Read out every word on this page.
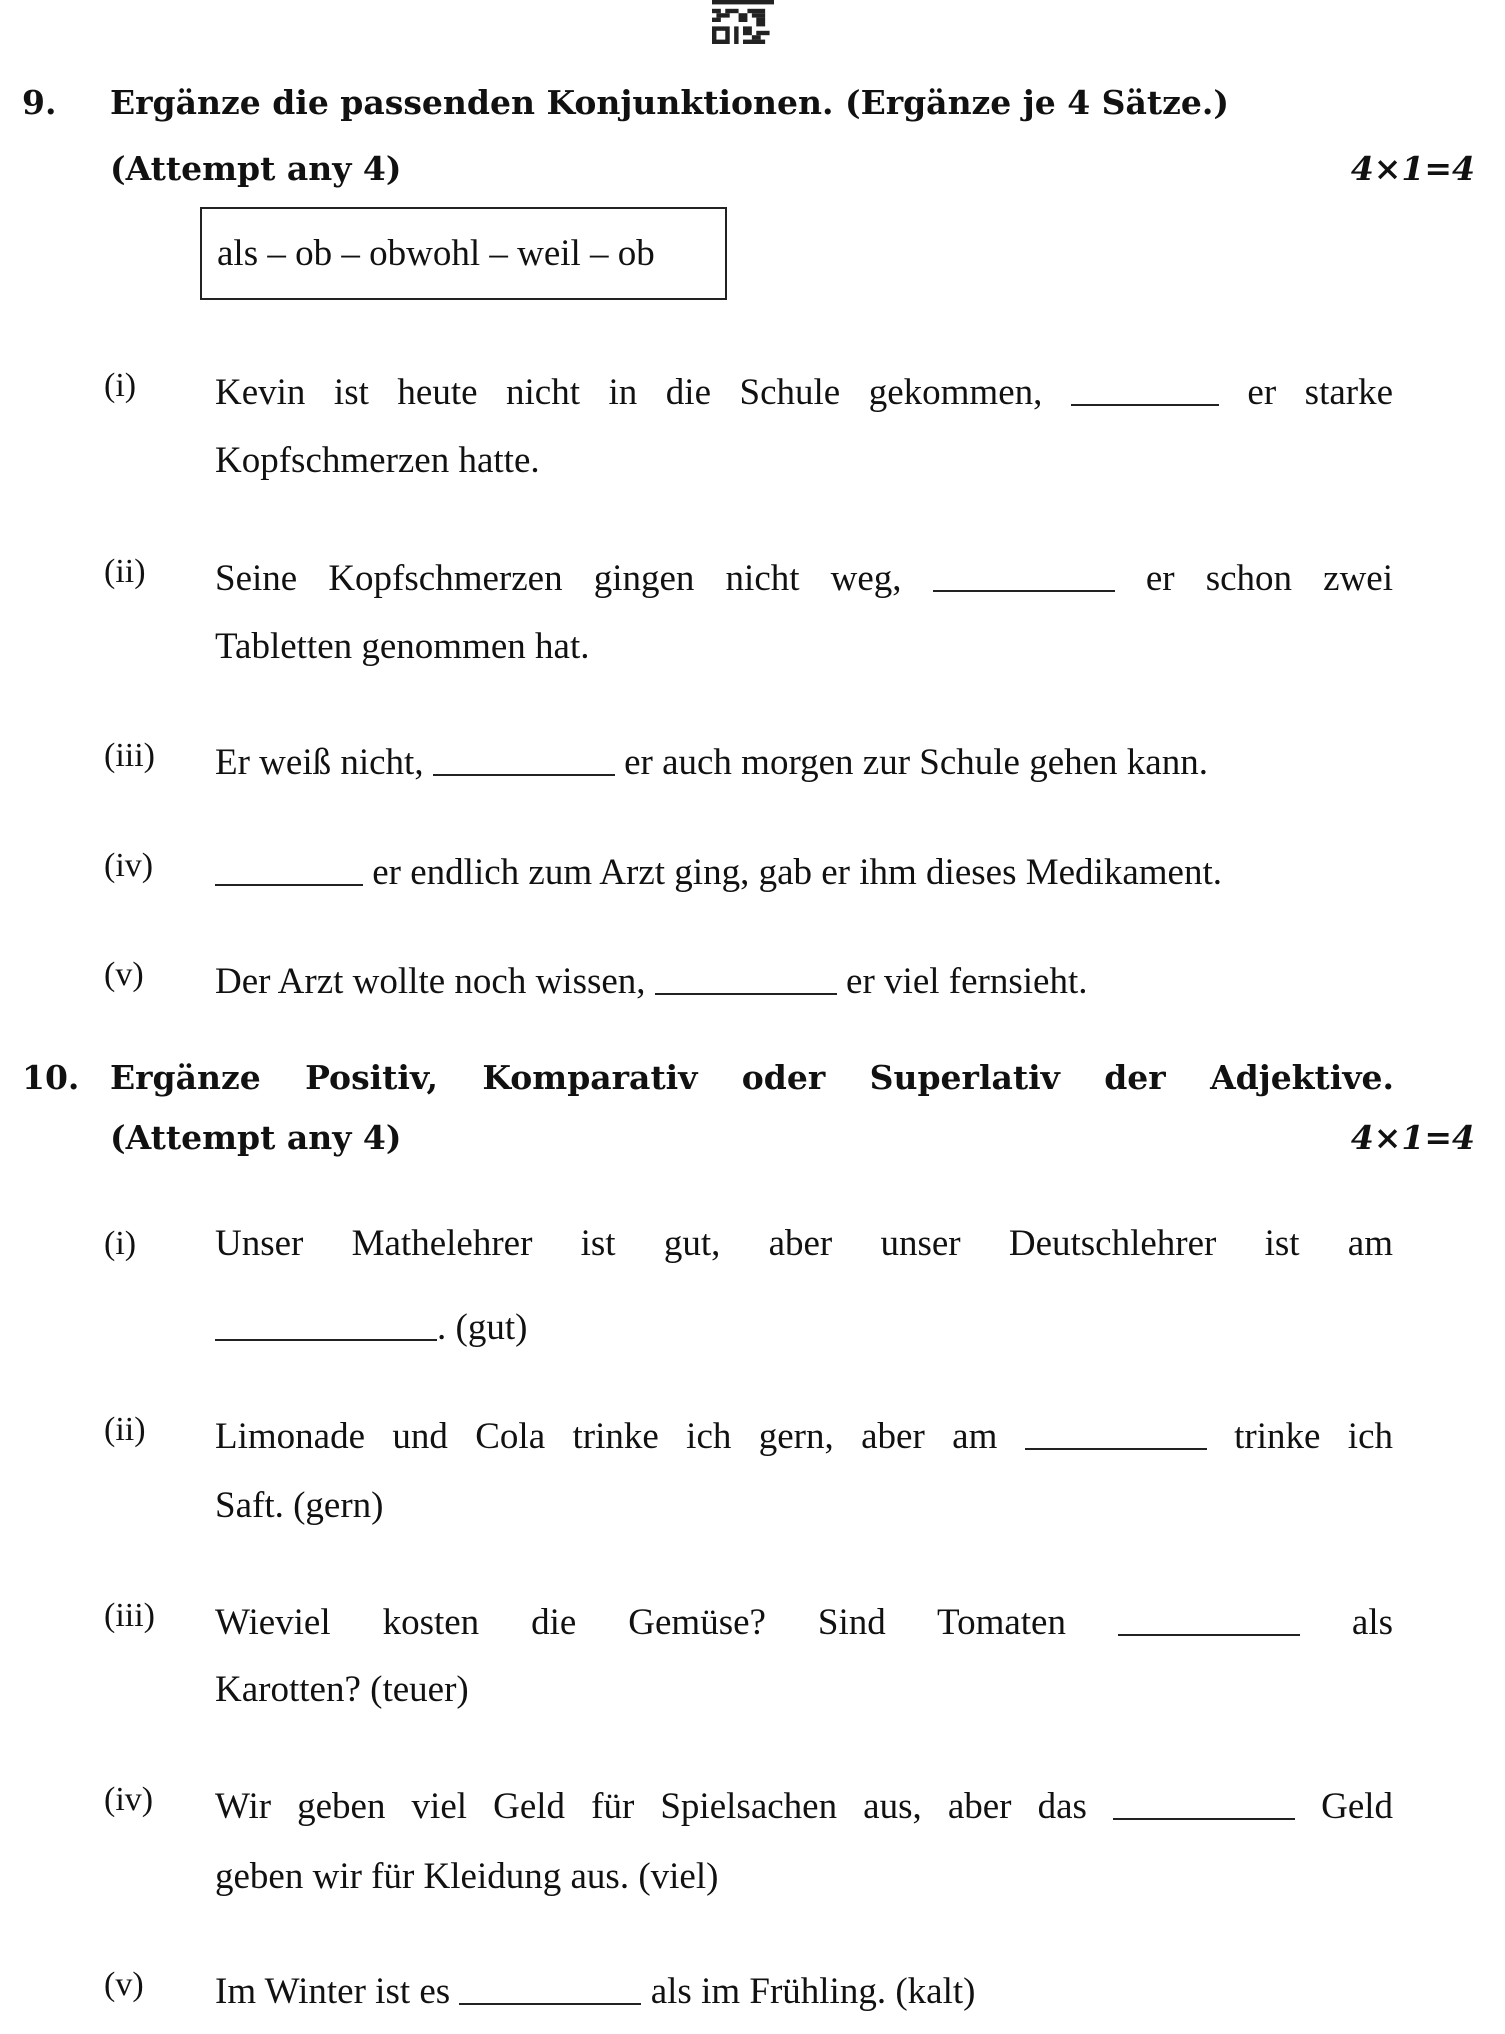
9. Ergänze die passenden Konjunktionen. (Ergänze je 4 Sätze.)
(Attempt any 4)	4×1=4
als – ob – obwohl – weil – ob
(i) Kevin ist heute nicht in die Schule gekommen,	er starke
Kopfschmerzen hatte.
(ii) Seine Kopfschmerzen gingen nicht weg,	er schon zwei
Tabletten genommen hat.
(iii) Er weiß nicht,	er auch morgen zur Schule gehen kann.
(iv)	er endlich zum Arzt ging, gab er ihm dieses Medikament.
(v) Der Arzt wollte noch wissen,	er viel fernsieht.
10. Ergänze Positiv, Komparativ oder Superlativ der Adjektive.
(Attempt any 4)	4×1=4
(i) Unser Mathelehrer ist gut, aber unser Deutschlehrer ist am
. (gut)
(ii) Limonade und Cola trinke ich gern, aber am	trinke ich
Saft. (gern)
(iii) Wieviel kosten die Gemüse? Sind Tomaten	als
Karotten? (teuer)
(iv) Wir geben viel Geld für Spielsachen aus, aber das	Geld
geben wir für Kleidung aus. (viel)
(v) Im Winter ist es	als im Frühling. (kalt)
